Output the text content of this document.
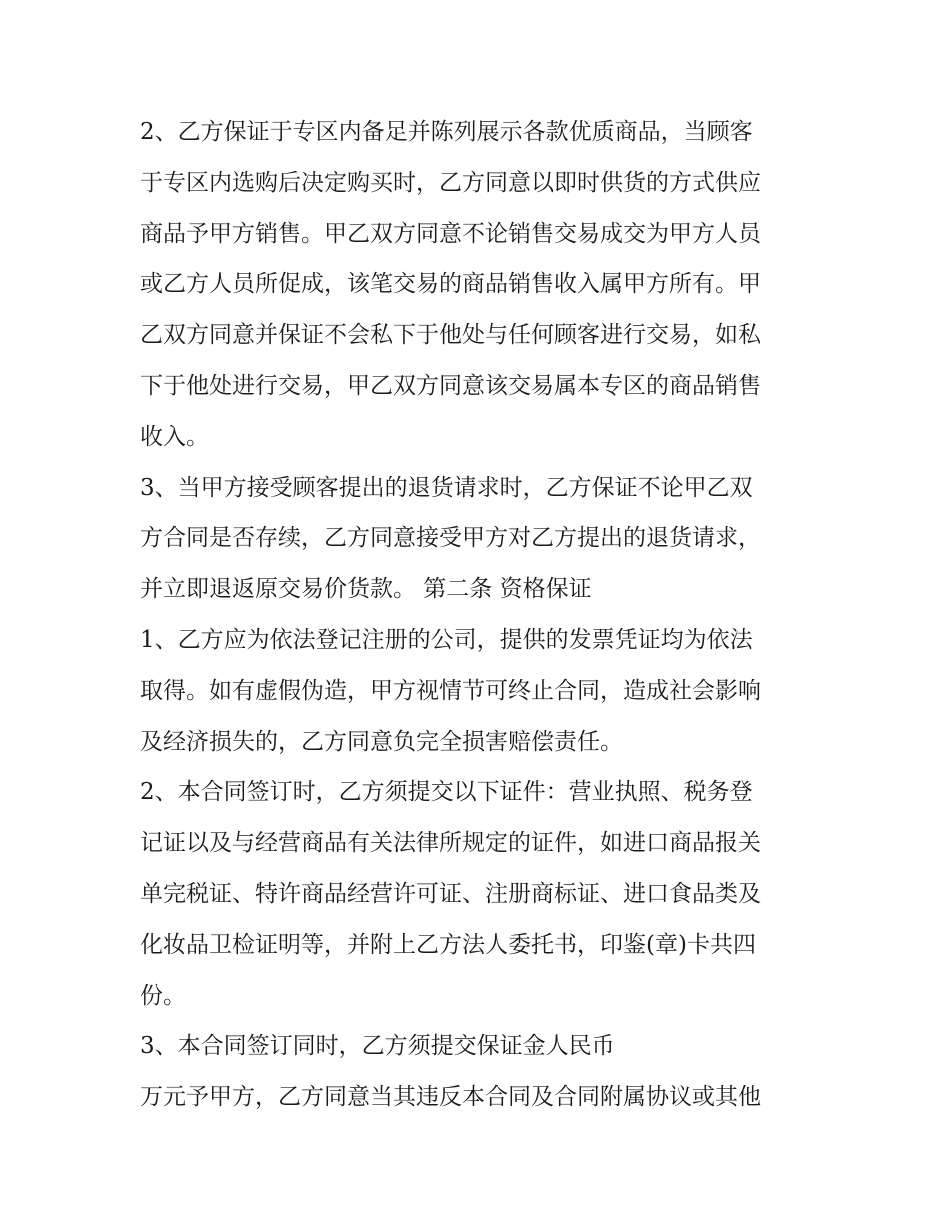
2、乙方保证于专区内备足并陈列展示各款优质商品，当顾客
于专区内选购后决定购买时，乙方同意以即时供货的方式供应
商品予甲方销售。甲乙双方同意不论销售交易成交为甲方人员
或乙方人员所促成，该笔交易的商品销售收入属甲方所有。甲
乙双方同意并保证不会私下于他处与任何顾客进行交易，如私
下于他处进行交易，甲乙双方同意该交易属本专区的商品销售
收入。
3、当甲方接受顾客提出的退货请求时，乙方保证不论甲乙双
方合同是否存续，乙方同意接受甲方对乙方提出的退货请求，
并立即退返原交易价货款。 第二条 资格保证
1、乙方应为依法登记注册的公司，提供的发票凭证均为依法
取得。如有虚假伪造，甲方视情节可终止合同，造成社会影响
及经济损失的，乙方同意负完全损害赔偿责任。
2、本合同签订时，乙方须提交以下证件：营业执照、税务登
记证以及与经营商品有关法律所规定的证件，如进口商品报关
单完税证、特许商品经营许可证、注册商标证、进口食品类及
化妆品卫检证明等，并附上乙方法人委托书，印鉴(章)卡共四
份。
3、本合同签订同时，乙方须提交保证金人民币
万元予甲方，乙方同意当其违反本合同及合同附属协议或其他
